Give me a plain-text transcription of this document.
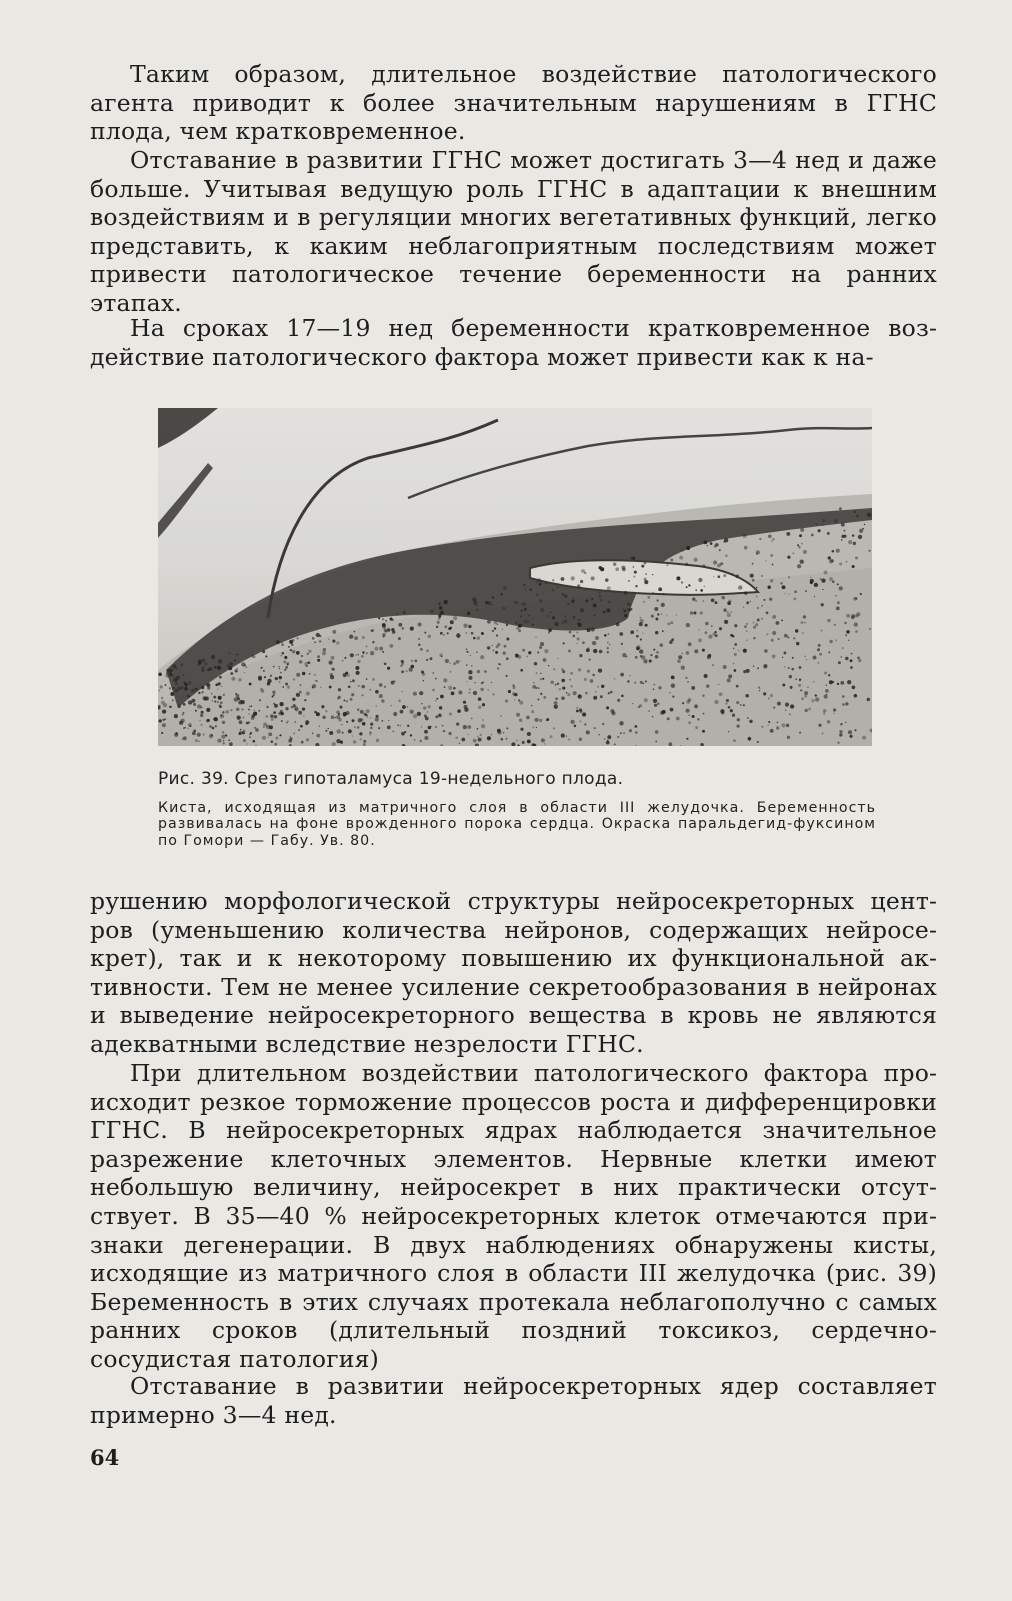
Таким образом, длительное воздействие патологического агента приводит к более значительным нарушениям в ГГНС плода, чем кратковременное.

Отставание в развитии ГГНС может достигать 3—4 нед и даже больше. Учитывая ведущую роль ГГНС в адаптации к внешним воздействиям и в регуляции многих вегетативных функций, легко представить, к каким неблагоприятным последствиям может привести патологическое течение беременности на ранних этапах.

На сроках 17—19 нед беременности кратковременное воздействие патологического фактора может привести как к на-

Рис. 39. Срез гипоталамуса 19-недельного плода.

Киста, исходящая из матричного слоя в области III желудочка. Беременность развивалась на фоне врожденного порока сердца. Окраска паральдегид-фуксином по Гомори — Габу. Ув. 80.

рушению морфологической структуры нейросекреторных центров (уменьшению количества нейронов, содержащих нейросекрет), так и к некоторому повышению их функциональной активности. Тем не менее усиление секретообразования в нейронах и выведение нейросекреторного вещества в кровь не являются адекватными вследствие незрелости ГГНС.

При длительном воздействии патологического фактора происходит резкое торможение процессов роста и дифференцировки ГГНС. В нейросекреторных ядрах наблюдается значительное разрежение клеточных элементов. Нервные клетки имеют небольшую величину, нейросекрет в них практически отсутствует. В 35—40 % нейросекреторных клеток отмечаются признаки дегенерации. В двух наблюдениях обнаружены кисты, исходящие из матричного слоя в области III желудочка (рис. 39) Беременность в этих случаях протекала неблагополучно с самых ранних сроков (длительный поздний токсикоз, сердечно-сосудистая патология)

Отставание в развитии нейросекреторных ядер составляет примерно 3—4 нед.

64
